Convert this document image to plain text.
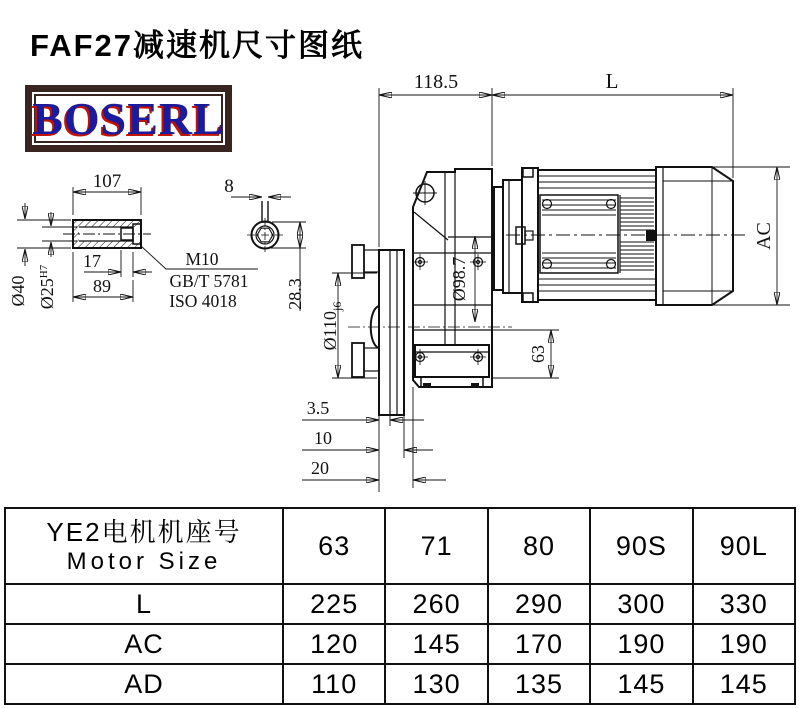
FAF27减速机尺寸图纸
BOSERL
107
Ø40 $Ø25^{H7}$
17
89
M10
GB/T 5781
ISO 4018
8
28.3
118.5	L
AC
$Ø110_{j6}$
Ø98.7
63
3.5
10
20
YE2电机机座号
Motor Size	63	71	80	90S	90L
L	225	260	290	300	330
AC	120	145	170	190	190
AD	110	130	135	145	145
